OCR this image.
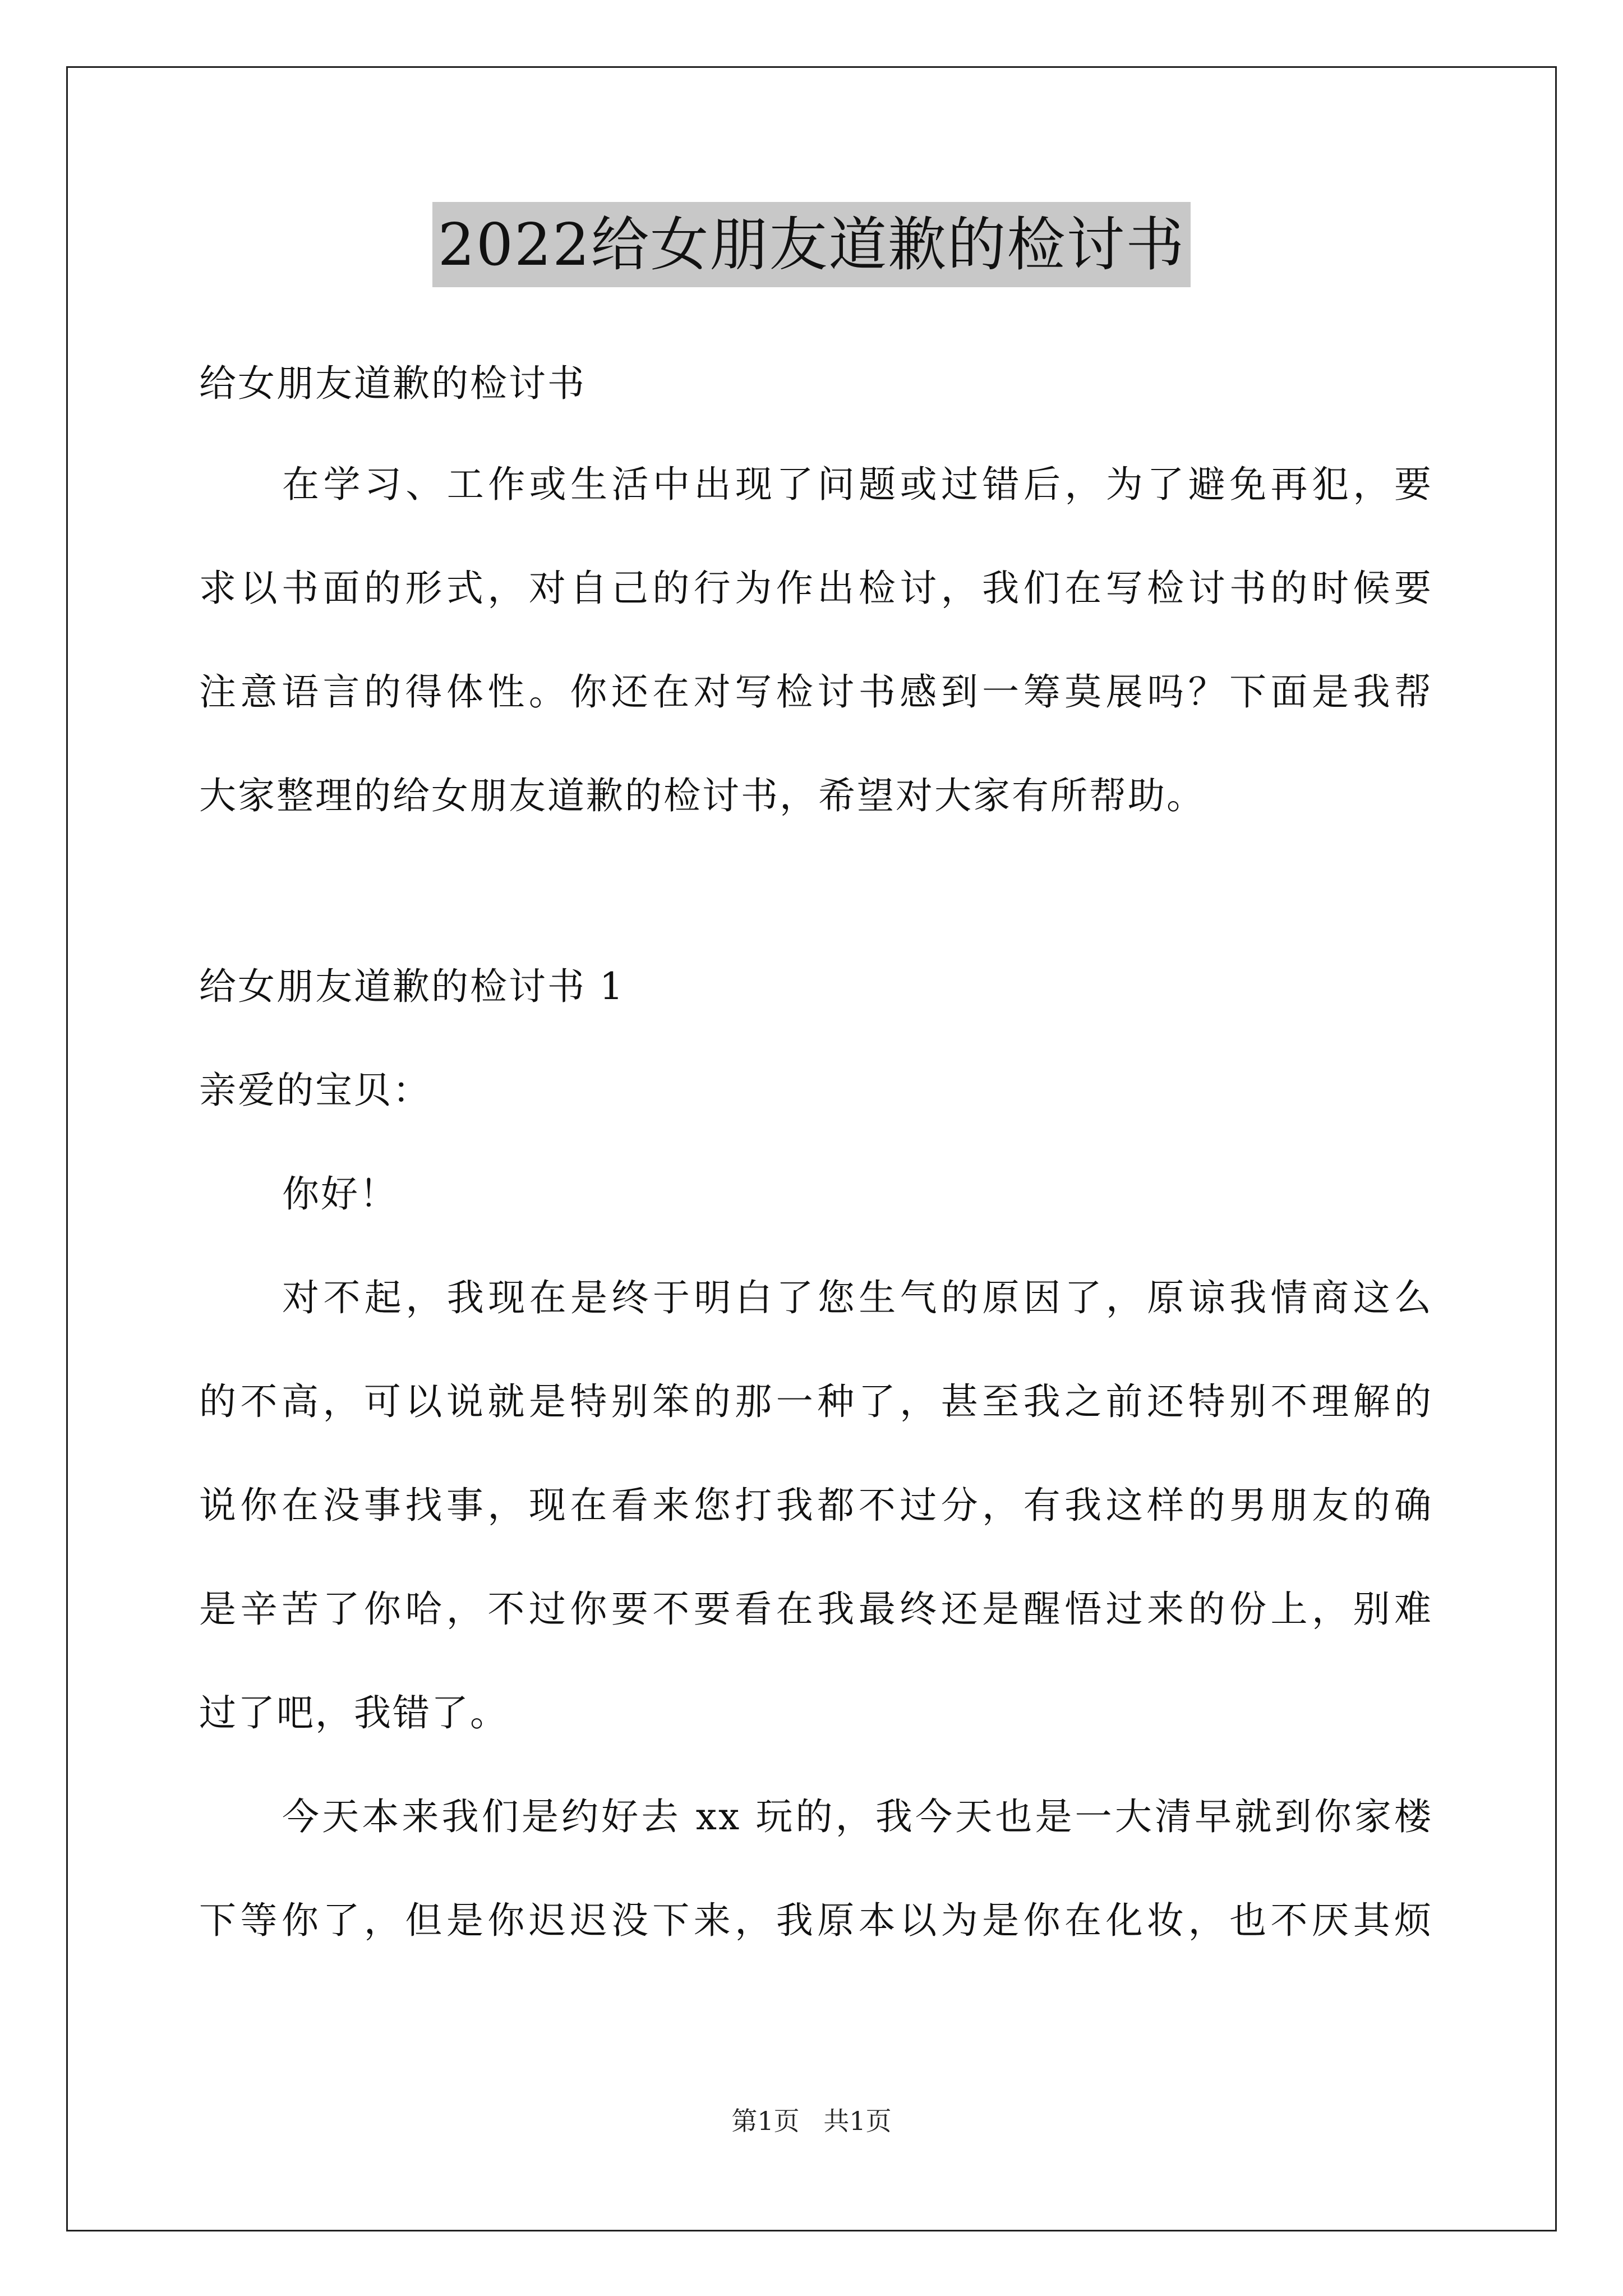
2022给女朋友道歉的检讨书
给女朋友道歉的检讨书
在学习、工作或生活中出现了问题或过错后，为了避免再犯，要
求以书面的形式，对自己的行为作出检讨，我们在写检讨书的时候要
注意语言的得体性。你还在对写检讨书感到一筹莫展吗？下面是我帮
大家整理的给女朋友道歉的检讨书，希望对大家有所帮助。
给女朋友道歉的检讨书 1
亲爱的宝贝：
你好！
对不起，我现在是终于明白了您生气的原因了，原谅我情商这么
的不高，可以说就是特别笨的那一种了，甚至我之前还特别不理解的
说你在没事找事，现在看来您打我都不过分，有我这样的男朋友的确
是辛苦了你哈，不过你要不要看在我最终还是醒悟过来的份上，别难
过了吧，我错了。
今天本来我们是约好去 xx 玩的，我今天也是一大清早就到你家楼
下等你了，但是你迟迟没下来，我原本以为是你在化妆，也不厌其烦
第1页 共1页
